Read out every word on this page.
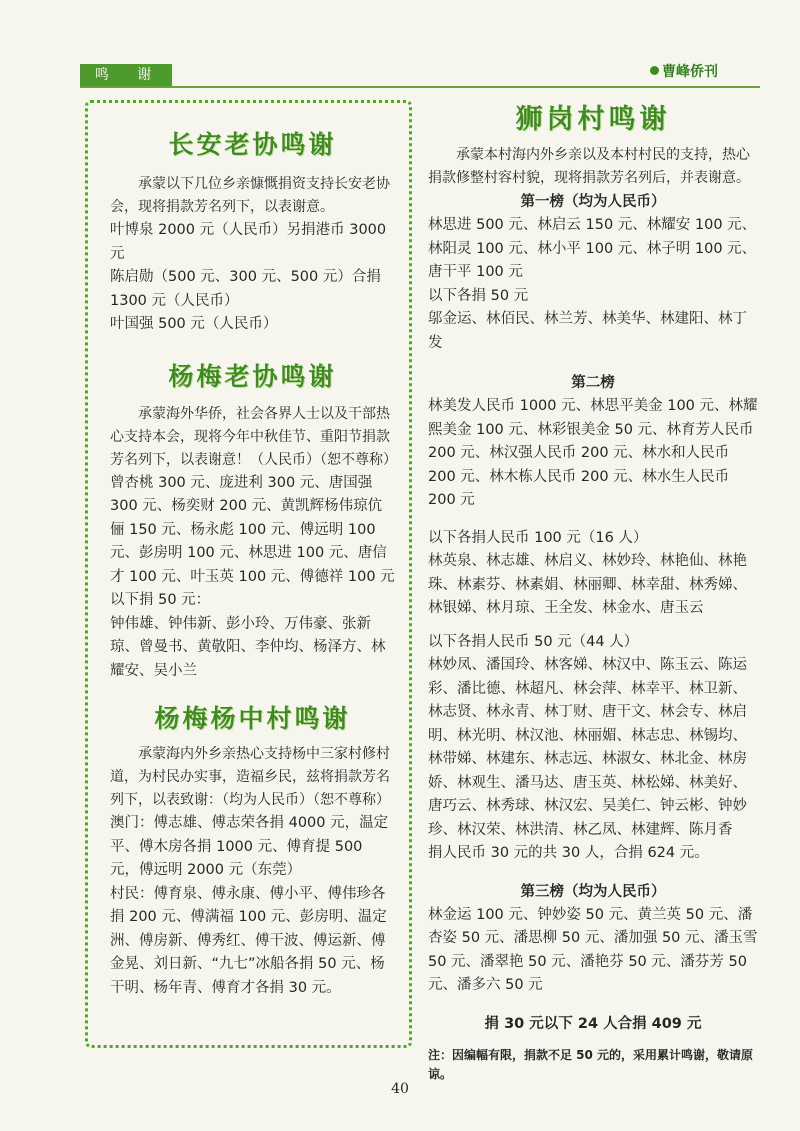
鸣 谢	曹峰侨刊
长安老协鸣谢

承蒙以下几位乡亲慷慨捐资支持长安老协会，现将捐款芳名列下，以表谢意。

叶博泉 2000 元（人民币）另捐港币 3000元

陈启勋（500 元、300 元、500 元）合捐 1300 元（人民币）

叶国强 500 元（人民币）

杨梅老协鸣谢

承蒙海外华侨，社会各界人士以及干部热心支持本会，现将今年中秋佳节、重阳节捐款芳名列下，以表谢意！（人民币）（恕不尊称）

曾杏桃 300 元、庞进利 300 元、唐国强 300 元、杨奕财 200 元、黄凯辉杨伟琼伉俪 150 元、杨永彪 100 元、傅远明 100 元、彭房明 100 元、林思进 100 元、唐信才 100 元、叶玉英 100 元、傅德祥 100 元

以下捐 50 元：

钟伟雄、钟伟新、彭小玲、万伟豪、张新琼、曾曼书、黄敬阳、李仲均、杨泽方、林耀安、吴小兰

杨梅杨中村鸣谢

承蒙海内外乡亲热心支持杨中三家村修村道，为村民办实事，造福乡民，兹将捐款芳名列下，以表致谢：（均为人民币）（恕不尊称）

澳门：傅志雄、傅志荣各捐 4000 元，温定平、傅木房各捐 1000 元、傅育提 500 元，傅远明 2000 元（东莞）

村民：傅育泉、傅永康、傅小平、傅伟珍各捐 200 元、傅满福 100 元、彭房明、温定洲、傅房新、傅秀红、傅干波、傅运新、傅金晃、刘日新、“九七”冰船各捐 50 元、杨干明、杨年青、傅育才各捐 30 元。

狮岗村鸣谢

承蒙本村海内外乡亲以及本村村民的支持，热心捐款修整村容村貌，现将捐款芳名列后，并表谢意。

第一榜（均为人民币）

林思进 500 元、林启云 150 元、林耀安 100 元、林阳灵 100 元、林小平 100 元、林子明 100 元、唐干平 100 元

以下各捐 50 元

邬金运、林佰民、林兰芳、林美华、林建阳、林丁发

第二榜

林美发人民币 1000 元、林思平美金 100 元、林耀熙美金 100 元、林彩银美金 50 元、林育芳人民币 200 元、林汉强人民币 200 元、林水和人民币 200 元、林木栋人民币 200 元、林水生人民币 200 元

以下各捐人民币 100 元（16 人）

林英泉、林志雄、林启义、林妙玲、林艳仙、林艳珠、林素芬、林素娟、林丽卿、林幸甜、林秀娣、林银娣、林月琼、王全发、林金水、唐玉云

以下各捐人民币 50 元（44 人）

林妙凤、潘国玲、林客娣、林汉中、陈玉云、陈运彩、潘比德、林超凡、林会萍、林幸平、林卫新、林志贤、林永青、林丁财、唐干文、林会专、林启明、林光明、林汉池、林丽媚、林志忠、林锡均、林带娣、林建东、林志远、林淑女、林北金、林房娇、林观生、潘马达、唐玉英、林松娣、林美好、唐巧云、林秀球、林汉宏、吴美仁、钟云彬、钟妙珍、林汉荣、林洪清、林乙凤、林建辉、陈月香

捐人民币 30 元的共 30 人，合捐 624 元。

第三榜（均为人民币）

林金运 100 元、钟妙姿 50 元、黄兰英 50 元、潘杏姿 50 元、潘思柳 50 元、潘加强 50 元、潘玉雪 50 元、潘翠艳 50 元、潘艳芬 50 元、潘芬芳 50 元、潘多六 50 元

捐 30 元以下 24 人合捐 409 元

注：因编幅有限，捐款不足 50 元的，采用累计鸣谢，敬请原谅。

40
